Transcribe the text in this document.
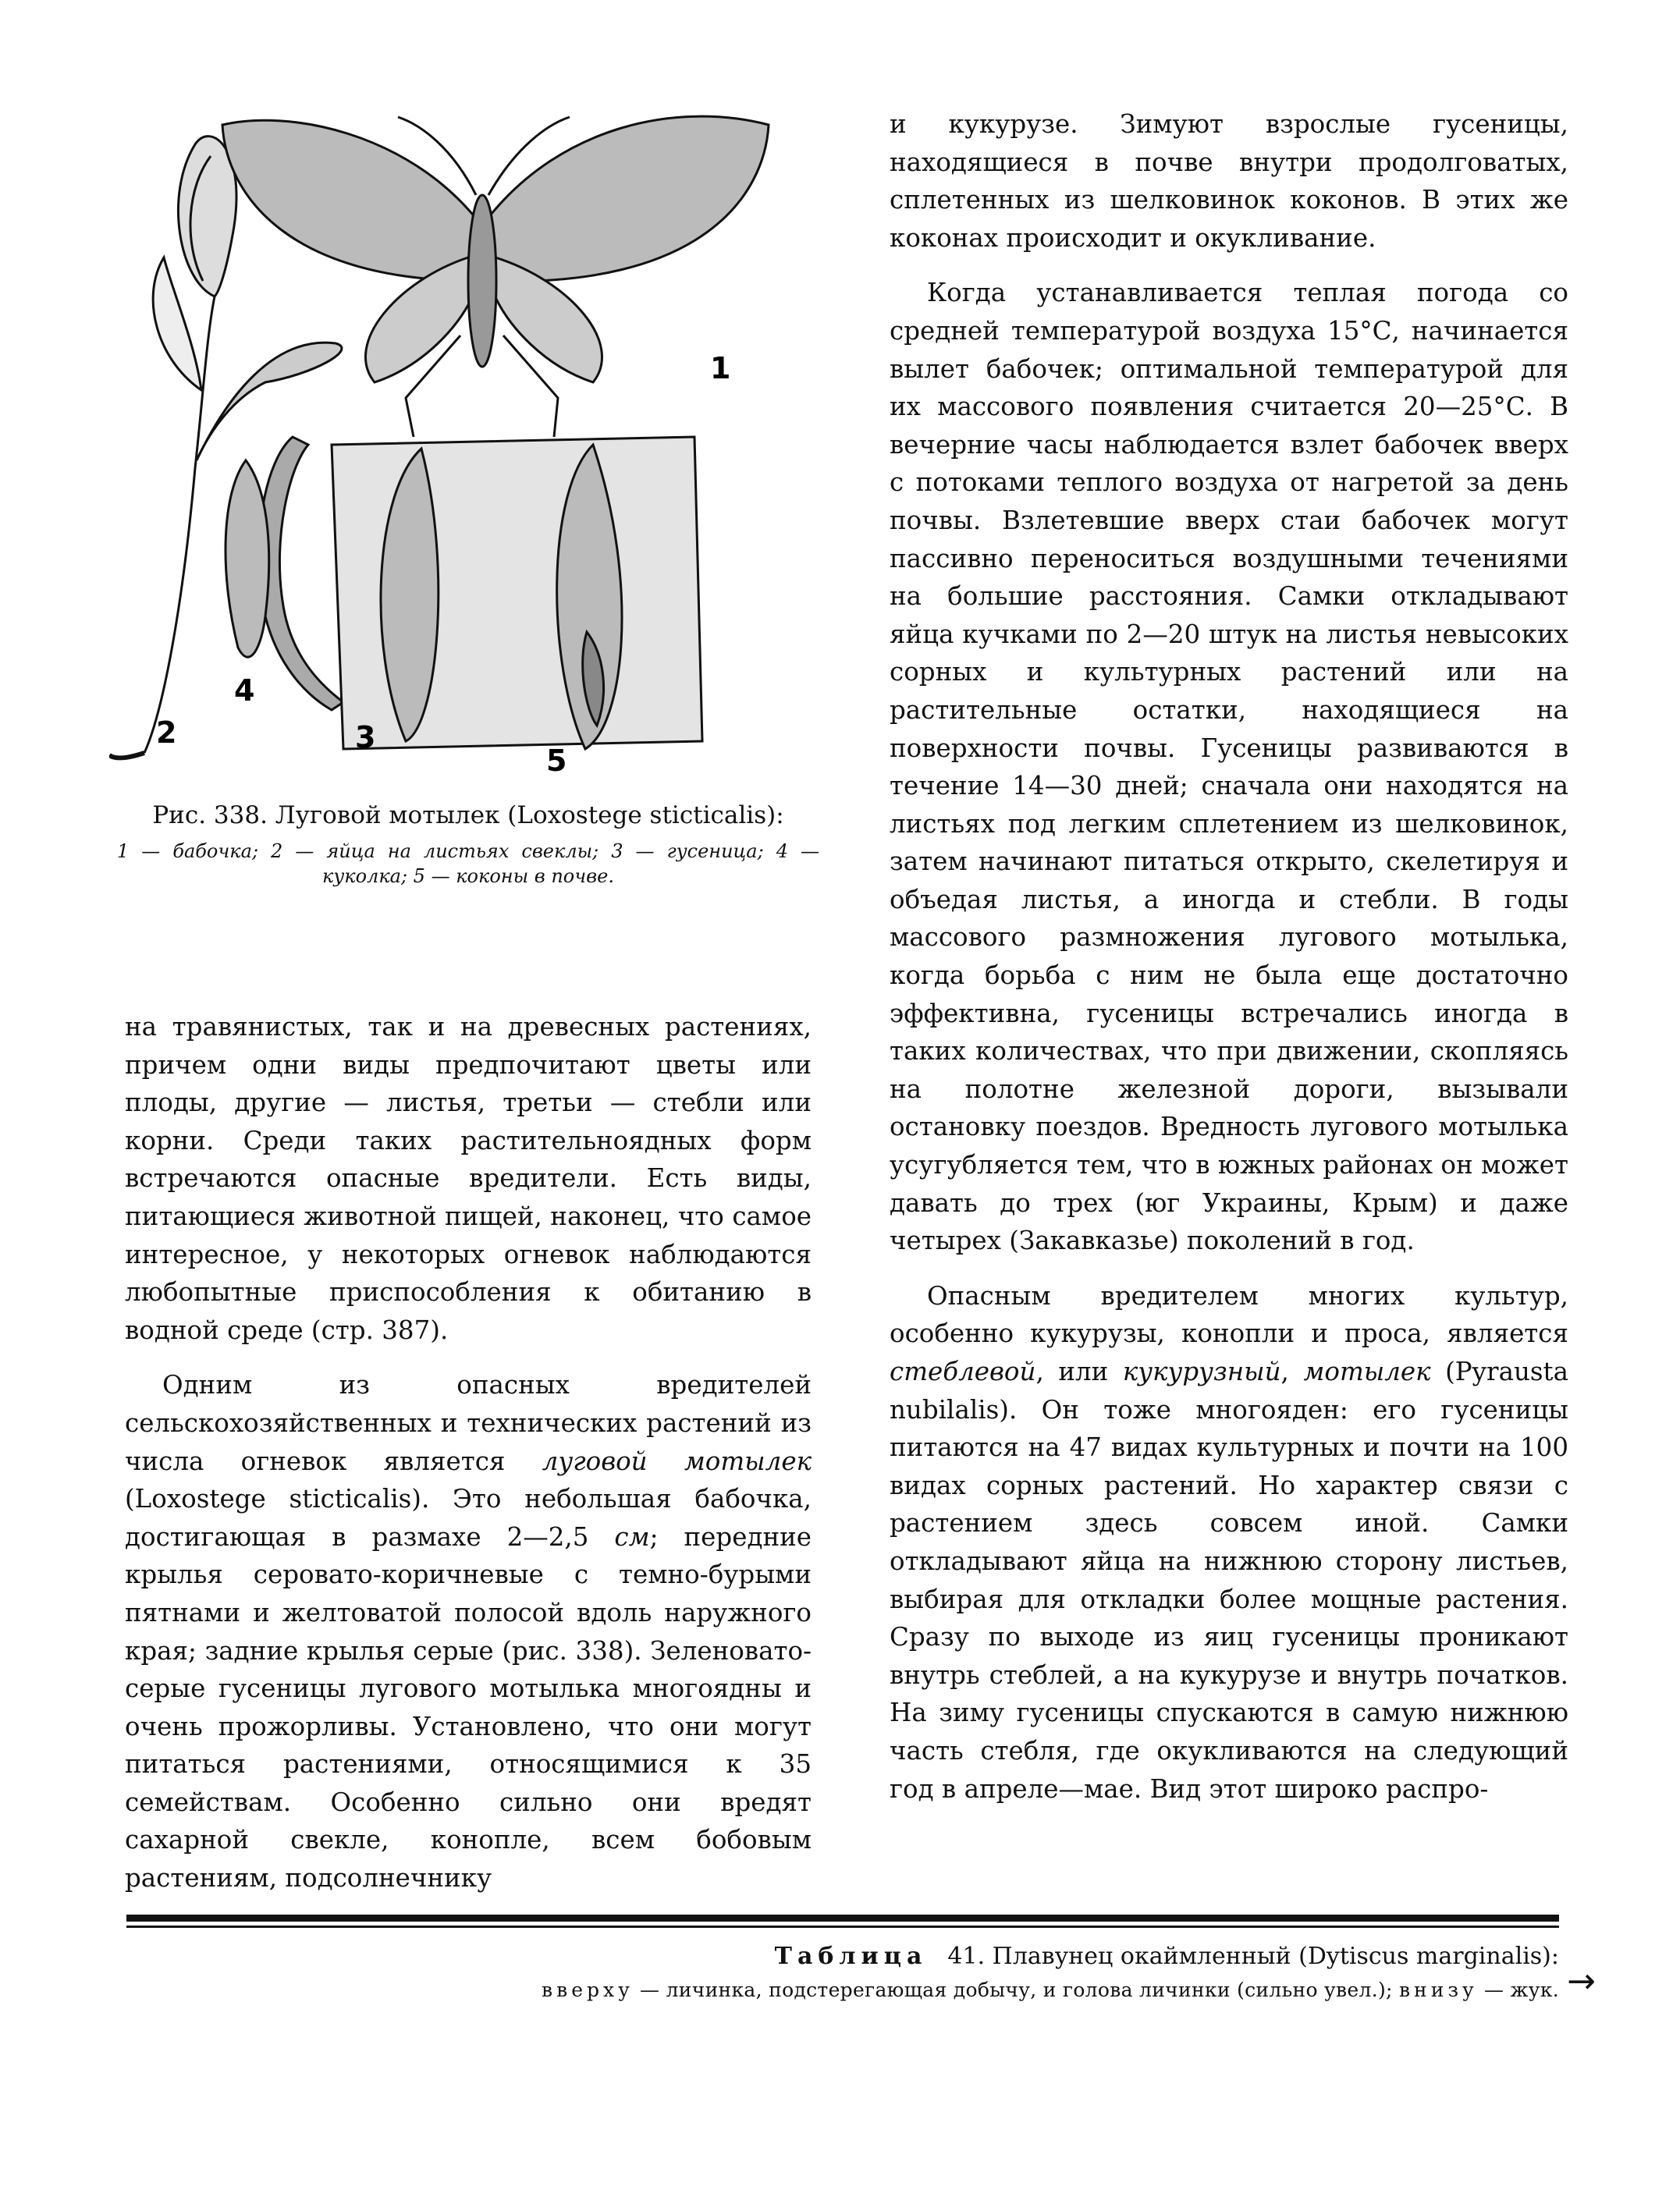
1
2	3
4
5
Рис. 338. Луговой мотылек (Loxostege sticticalis):
1 — бабочка; 2 — яйца на листьях свеклы; 3 — гусеница; 4 — куколка; 5 — коконы в почве.

на травянистых, так и на древесных растениях, причем одни виды предпочитают цветы или плоды, другие — листья, третьи — стебли или корни. Среди таких растительноядных форм встречаются опасные вредители. Есть виды, питающиеся животной пищей, наконец, что самое интересное, у некоторых огневок наблюдаются любопытные приспособления к обитанию в водной среде (стр. 387).

Одним из опасных вредителей сельскохозяйственных и технических растений из числа огневок является луговой мотылек (Loxostege sticticalis). Это небольшая бабочка, достигающая в размахе 2—2,5 см; передние крылья серовато-коричневые с темно-бурыми пятнами и желтоватой полосой вдоль наружного края; задние крылья серые (рис. 338). Зеленовато-серые гусеницы лугового мотылька многоядны и очень прожорливы. Установлено, что они могут питаться растениями, относящимися к 35 семействам. Особенно сильно они вредят сахарной свекле, конопле, всем бобовым растениям, подсолнечнику

и кукурузе. Зимуют взрослые гусеницы, находящиеся в почве внутри продолговатых, сплетенных из шелковинок коконов. В этих же коконах происходит и окукливание.

Когда устанавливается теплая погода со средней температурой воздуха 15°С, начинается вылет бабочек; оптимальной температурой для их массового появления считается 20—25°С. В вечерние часы наблюдается взлет бабочек вверх с потоками теплого воздуха от нагретой за день почвы. Взлетевшие вверх стаи бабочек могут пассивно переноситься воздушными течениями на большие расстояния. Самки откладывают яйца кучками по 2—20 штук на листья невысоких сорных и культурных растений или на растительные остатки, находящиеся на поверхности почвы. Гусеницы развиваются в течение 14—30 дней; сначала они находятся на листьях под легким сплетением из шелковинок, затем начинают питаться открыто, скелетируя и объедая листья, а иногда и стебли. В годы массового размножения лугового мотылька, когда борьба с ним не была еще достаточно эффективна, гусеницы встречались иногда в таких количествах, что при движении, скопляясь на полотне железной дороги, вызывали остановку поездов. Вредность лугового мотылька усугубляется тем, что в южных районах он может давать до трех (юг Украины, Крым) и даже четырех (Закавказье) поколений в год.

Опасным вредителем многих культур, особенно кукурузы, конопли и проса, является стеблевой, или кукурузный, мотылек (Pyrausta nubilalis). Он тоже многояден: его гусеницы питаются на 47 видах культурных и почти на 100 видах сорных растений. Но характер связи с растением здесь совсем иной. Самки откладывают яйца на нижнюю сторону листьев, выбирая для откладки более мощные растения. Сразу по выходе из яиц гусеницы проникают внутрь стеблей, а на кукурузе и внутрь початков. На зиму гусеницы спускаются в самую нижнюю часть стебля, где окукливаются на следующий год в апреле—мае. Вид этот широко распро-

Таблица 41. Плавунец окаймленный (Dytiscus marginalis):
вверху — личинка, подстерегающая добычу, и голова личинки (сильно увел.); внизу — жук. →
